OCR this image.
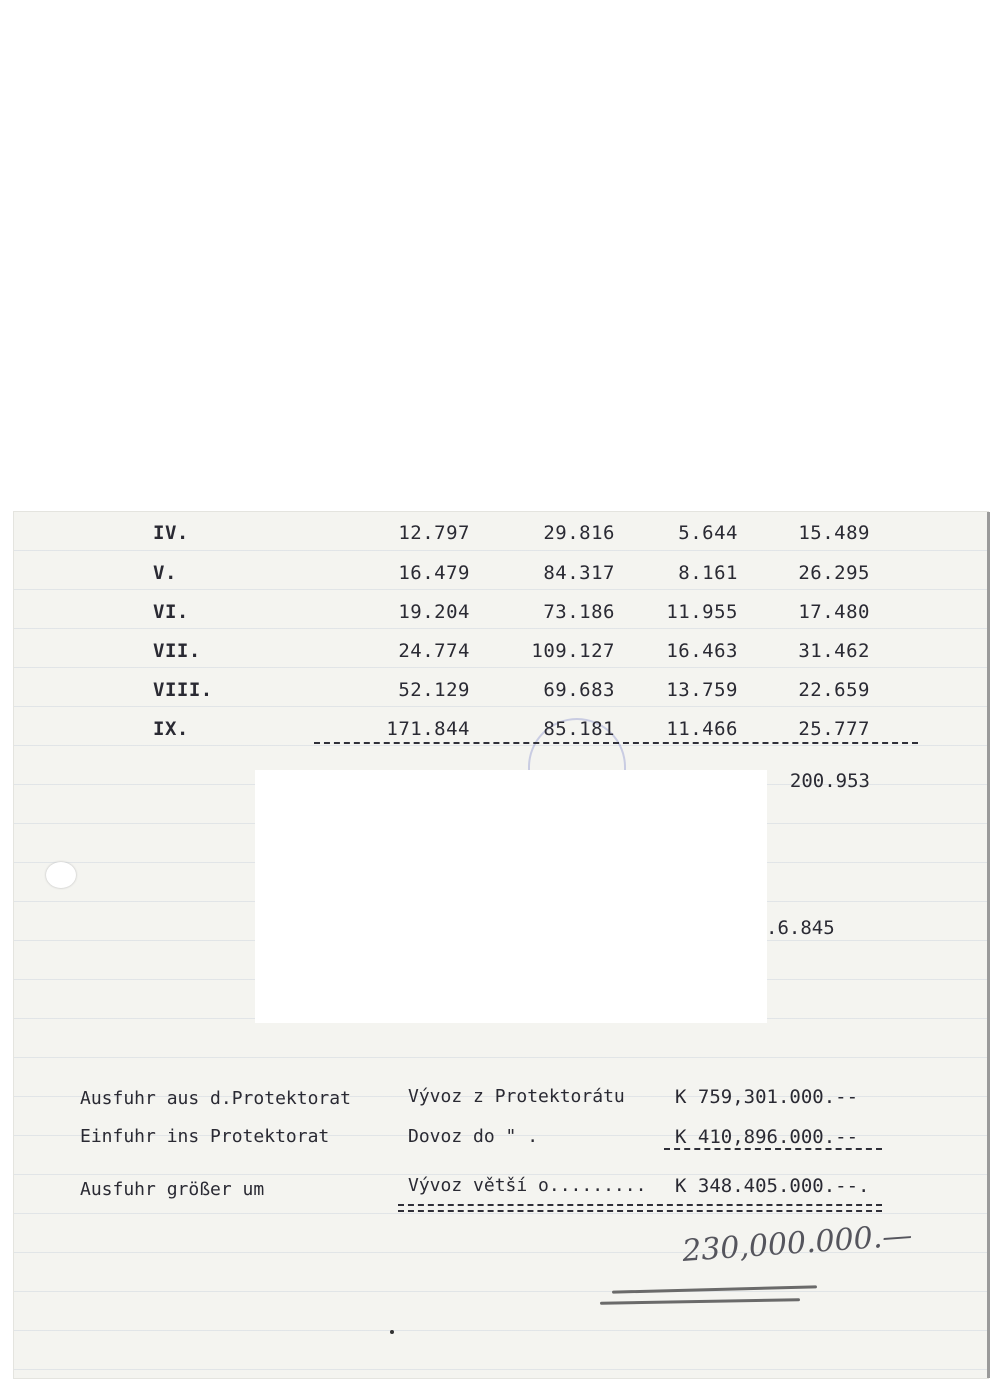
IV.	12.797	29.816	5.644	15.489
V.	16.479	84.317	8.161	26.295
VI.	19.204	73.186	11.955	17.480
VII.	24.774	109.127	16.463	31.462
VIII.	52.129	69.683	13.759	22.659
IX.	171.844	85.181	11.466	25.777
200.953
.6.845
Ausfuhr aus d.Protektorat	Vývoz z Protektorátu	K 759,301.000.--
Einfuhr ins Protektorat	Dovoz do " .	K 410,896.000.--
Ausfuhr größer um	Vývoz větší o......... K 348.405.000.--.
230,000.000.—
